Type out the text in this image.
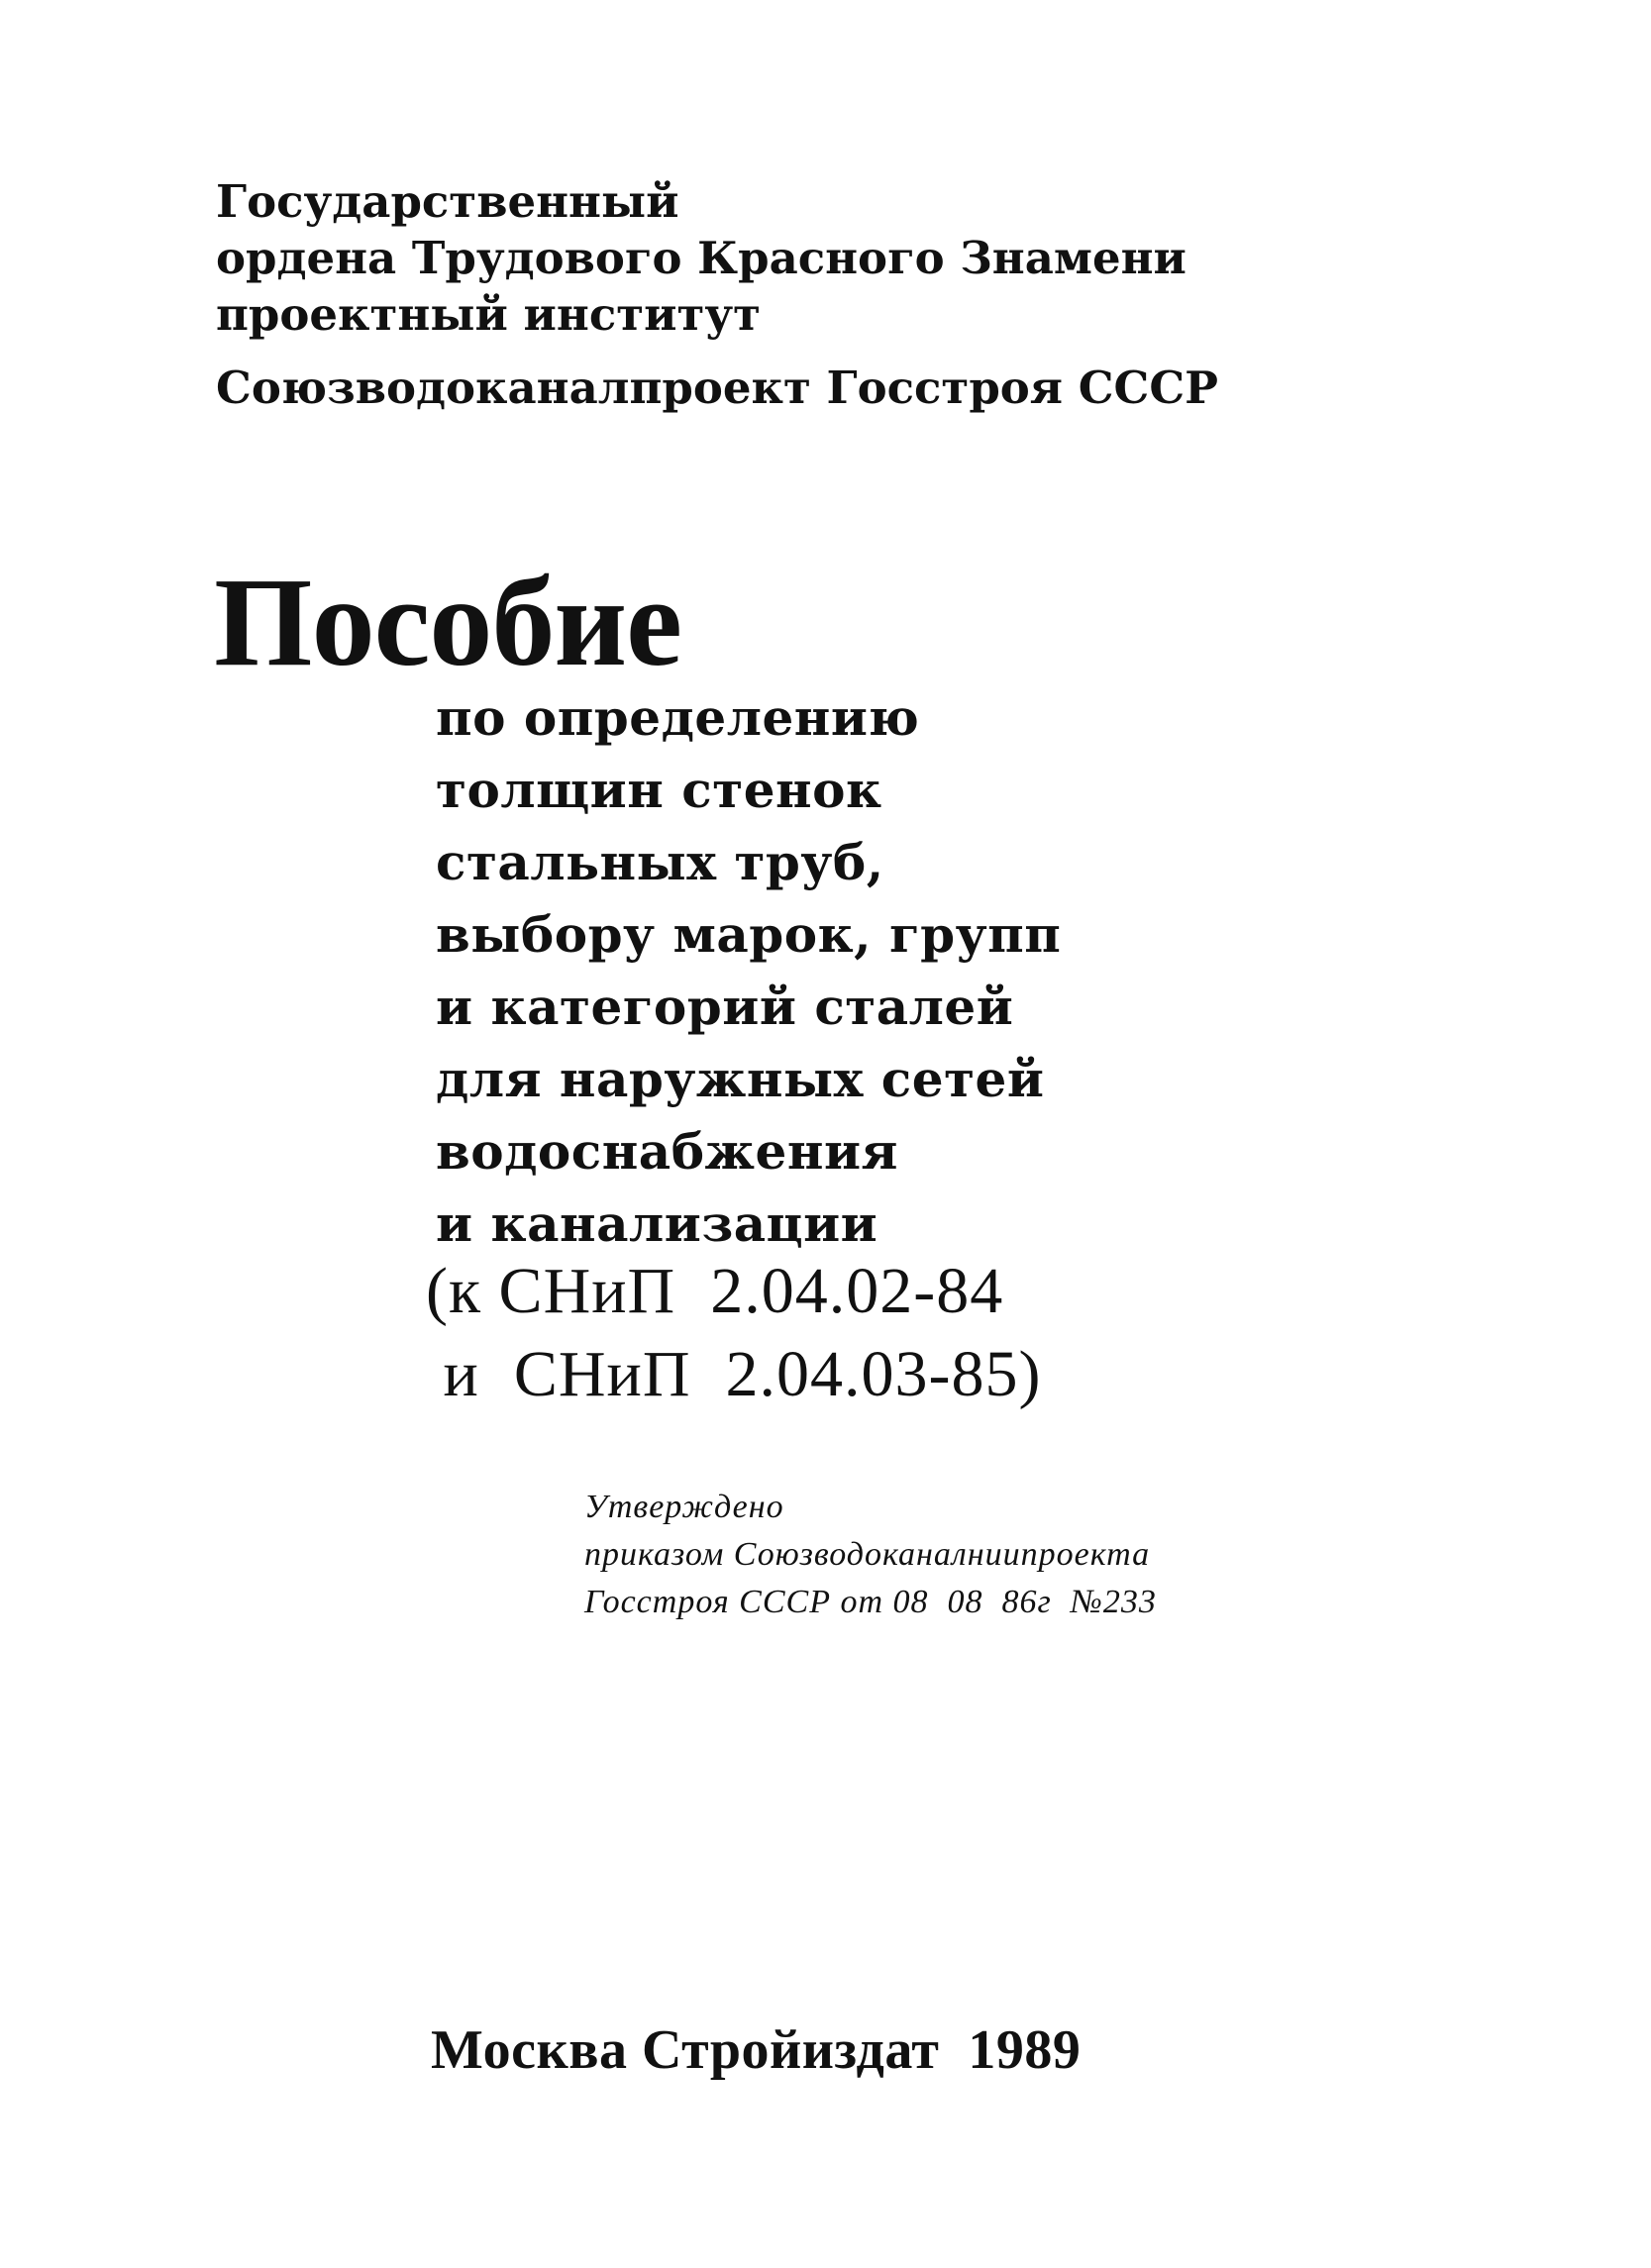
Государственный
ордена Трудового Красного Знамени
проектный институт
Союзводоканалпроект Госстроя СССР
Пособие
по определению
толщин стенок
стальных труб,
выбору марок, групп
и категорий сталей
для наружных сетей
водоснабжения
и канализации
(к СНиП  2.04.02-84
и  СНиП  2.04.03-85)
Утверждено
приказом Союзводоканалниипроекта
Госстроя СССР от 08  08  86г  №233
Москва Стройиздат  1989
